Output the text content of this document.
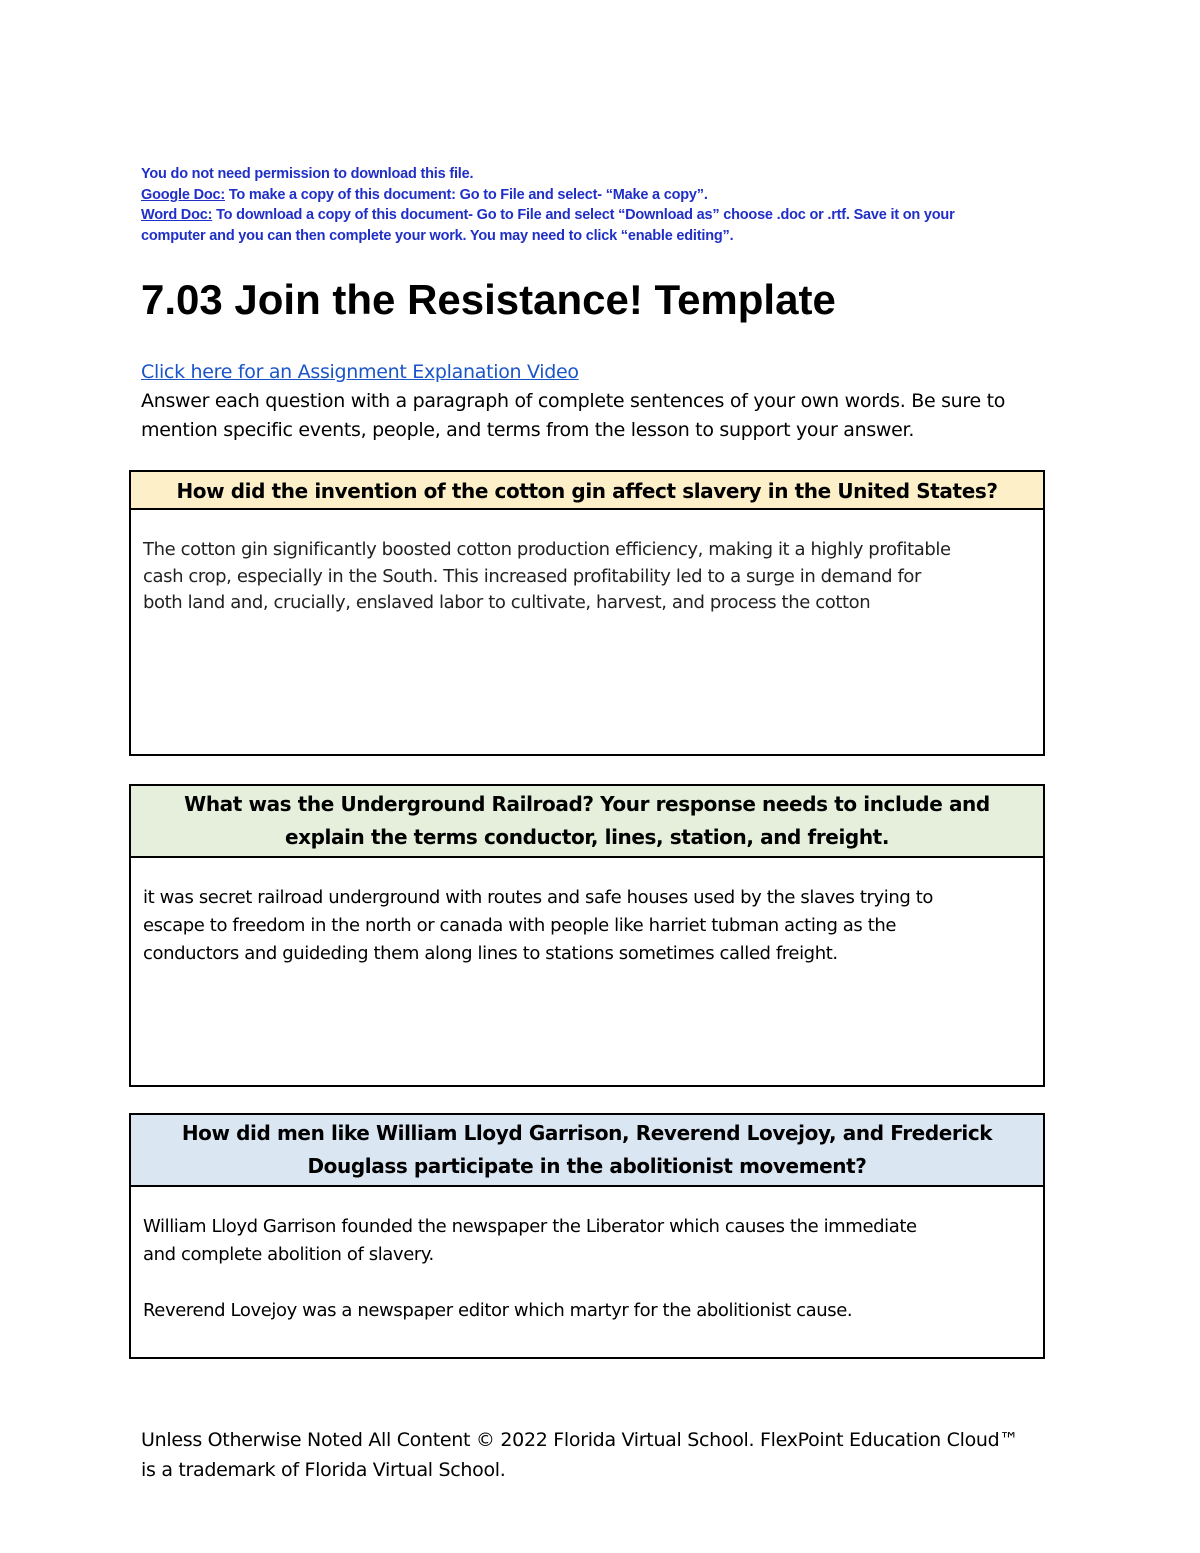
You do not need permission to download this file.
Google Doc: To make a copy of this document: Go to File and select- “Make a copy”.
Word Doc: To download a copy of this document- Go to File and select “Download as” choose .doc or .rtf. Save it on your
computer and you can then complete your work. You may need to click “enable editing”.
7.03 Join the Resistance! Template
Click here for an Assignment Explanation Video
Answer each question with a paragraph of complete sentences of your own words. Be sure to
mention specific events, people, and terms from the lesson to support your answer.
How did the invention of the cotton gin affect slavery in the United States?
The cotton gin significantly boosted cotton production efficiency, making it a highly profitable
cash crop, especially in the South. This increased profitability led to a surge in demand for
both land and, crucially, enslaved labor to cultivate, harvest, and process the cotton
What was the Underground Railroad? Your response needs to include and
explain the terms conductor, lines, station, and freight.
it was secret railroad underground with routes and safe houses used by the slaves trying to
escape to freedom in the north or canada with people like harriet tubman acting as the
conductors and guideding them along lines to stations sometimes called freight.
How did men like William Lloyd Garrison, Reverend Lovejoy, and Frederick
Douglass participate in the abolitionist movement?
William Lloyd Garrison founded the newspaper the Liberator which causes the immediate
and complete abolition of slavery.
Reverend Lovejoy was a newspaper editor which martyr for the abolitionist cause.
Unless Otherwise Noted All Content © 2022 Florida Virtual School. FlexPoint Education Cloud™
is a trademark of Florida Virtual School.
